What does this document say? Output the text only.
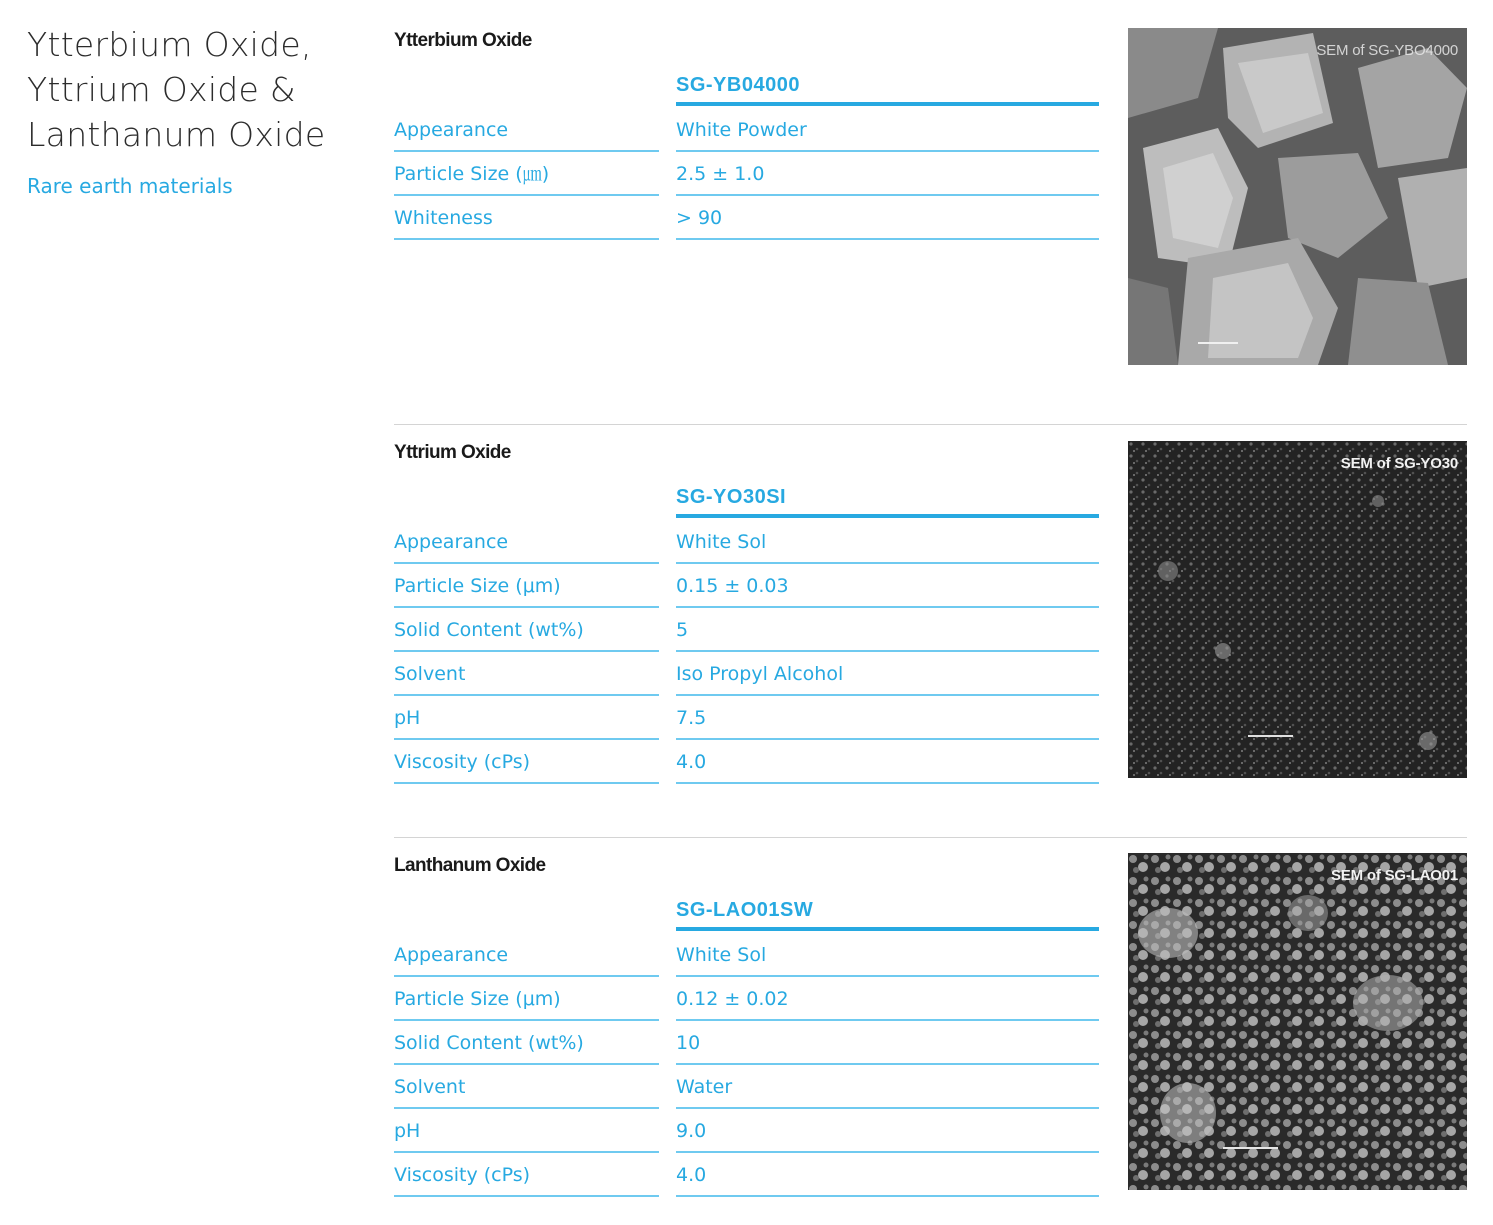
Ytterbium Oxide,
Yttrium Oxide &
Lanthanum Oxide
Rare earth materials
Ytterbium Oxide
SG-YB04000
Appearance	White Powder
Particle Size (㎛)	2.5 ± 1.0
Whiteness	> 90
SEM of SG-YBO4000
Yttrium Oxide
SG-YO30SI
Appearance	White Sol
Particle Size (μm)	0.15 ± 0.03
Solid Content (wt%)	5
Solvent	Iso Propyl Alcohol
pH	7.5
Viscosity (cPs)	4.0
SEM of SG-YO30
Lanthanum Oxide
SG-LAO01SW
Appearance	White Sol
Particle Size (μm)	0.12 ± 0.02
Solid Content (wt%)	10
Solvent	Water
pH	9.0
Viscosity (cPs)	4.0
SEM of SG-LAO01
